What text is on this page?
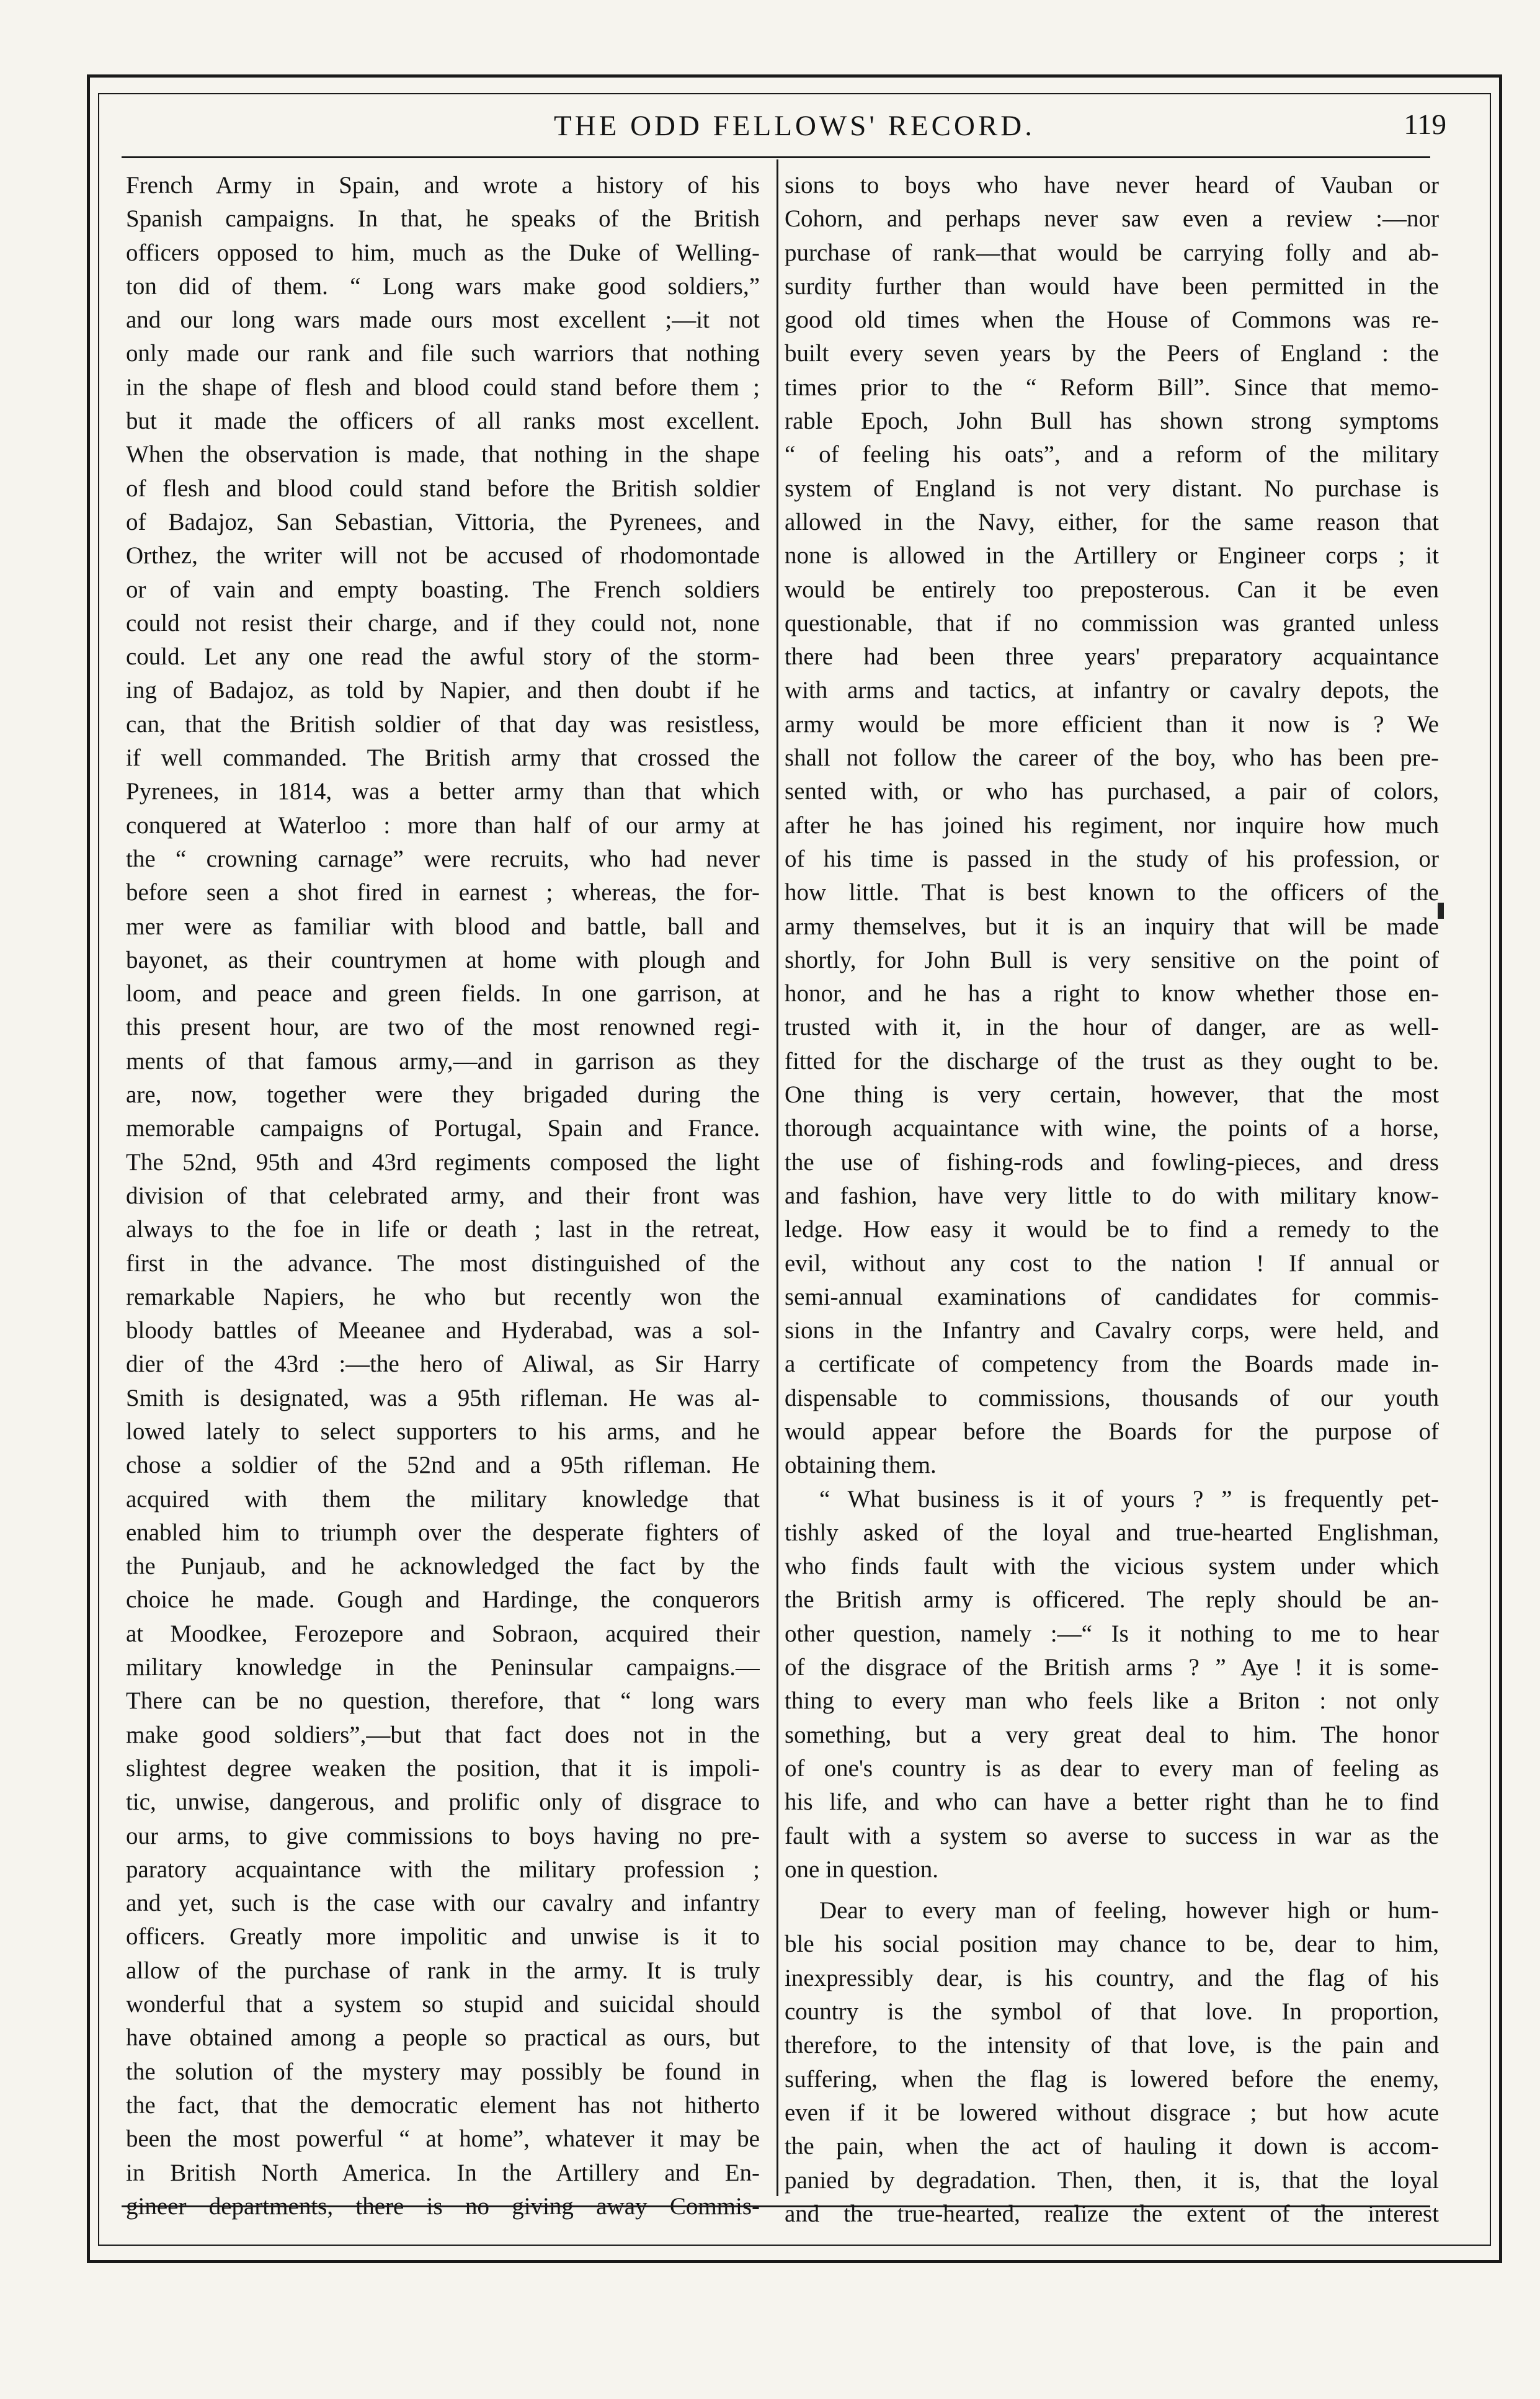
THE ODD FELLOWS' RECORD.	119
French Army in Spain, and wrote a history of his
Spanish campaigns. In that, he speaks of the British
officers opposed to him, much as the Duke of Welling-
ton did of them. “ Long wars make good soldiers,”
and our long wars made ours most excellent ;—it not
only made our rank and file such warriors that nothing
in the shape of flesh and blood could stand before them ;
but it made the officers of all ranks most excellent.
When the observation is made, that nothing in the shape
of flesh and blood could stand before the British soldier
of Badajoz, San Sebastian, Vittoria, the Pyrenees, and
Orthez, the writer will not be accused of rhodomontade
or of vain and empty boasting. The French soldiers
could not resist their charge, and if they could not, none
could. Let any one read the awful story of the storm-
ing of Badajoz, as told by Napier, and then doubt if he
can, that the British soldier of that day was resistless,
if well commanded. The British army that crossed the
Pyrenees, in 1814, was a better army than that which
conquered at Waterloo : more than half of our army at
the “ crowning carnage” were recruits, who had never
before seen a shot fired in earnest ; whereas, the for-
mer were as familiar with blood and battle, ball and
bayonet, as their countrymen at home with plough and
loom, and peace and green fields. In one garrison, at
this present hour, are two of the most renowned regi-
ments of that famous army,—and in garrison as they
are, now, together were they brigaded during the
memorable campaigns of Portugal, Spain and France.
The 52nd, 95th and 43rd regiments composed the light
division of that celebrated army, and their front was
always to the foe in life or death ; last in the retreat,
first in the advance. The most distinguished of the
remarkable Napiers, he who but recently won the
bloody battles of Meeanee and Hyderabad, was a sol-
dier of the 43rd :—the hero of Aliwal, as Sir Harry
Smith is designated, was a 95th rifleman. He was al-
lowed lately to select supporters to his arms, and he
chose a soldier of the 52nd and a 95th rifleman. He
acquired with them the military knowledge that
enabled him to triumph over the desperate fighters of
the Punjaub, and he acknowledged the fact by the
choice he made. Gough and Hardinge, the conquerors
at Moodkee, Ferozepore and Sobraon, acquired their
military knowledge in the Peninsular campaigns.—
There can be no question, therefore, that “ long wars
make good soldiers”,—but that fact does not in the
slightest degree weaken the position, that it is impoli-
tic, unwise, dangerous, and prolific only of disgrace to
our arms, to give commissions to boys having no pre-
paratory acquaintance with the military profession ;
and yet, such is the case with our cavalry and infantry
officers. Greatly more impolitic and unwise is it to
allow of the purchase of rank in the army. It is truly
wonderful that a system so stupid and suicidal should
have obtained among a people so practical as ours, but
the solution of the mystery may possibly be found in
the fact, that the democratic element has not hitherto
been the most powerful “ at home”, whatever it may be
in British North America. In the Artillery and En-
gineer departments, there is no giving away Commis-
sions to boys who have never heard of Vauban or
Cohorn, and perhaps never saw even a review :—nor
purchase of rank—that would be carrying folly and ab-
surdity further than would have been permitted in the
good old times when the House of Commons was re-
built every seven years by the Peers of England : the
times prior to the “ Reform Bill”. Since that memo-
rable Epoch, John Bull has shown strong symptoms
“ of feeling his oats”, and a reform of the military
system of England is not very distant. No purchase is
allowed in the Navy, either, for the same reason that
none is allowed in the Artillery or Engineer corps ; it
would be entirely too preposterous. Can it be even
questionable, that if no commission was granted unless
there had been three years' preparatory acquaintance
with arms and tactics, at infantry or cavalry depots, the
army would be more efficient than it now is ? We
shall not follow the career of the boy, who has been pre-
sented with, or who has purchased, a pair of colors,
after he has joined his regiment, nor inquire how much
of his time is passed in the study of his profession, or
how little. That is best known to the officers of the
army themselves, but it is an inquiry that will be made
shortly, for John Bull is very sensitive on the point of
honor, and he has a right to know whether those en-
trusted with it, in the hour of danger, are as well-
fitted for the discharge of the trust as they ought to be.
One thing is very certain, however, that the most
thorough acquaintance with wine, the points of a horse,
the use of fishing-rods and fowling-pieces, and dress
and fashion, have very little to do with military know-
ledge. How easy it would be to find a remedy to the
evil, without any cost to the nation ! If annual or
semi-annual examinations of candidates for commis-
sions in the Infantry and Cavalry corps, were held, and
a certificate of competency from the Boards made in-
dispensable to commissions, thousands of our youth
would appear before the Boards for the purpose of
obtaining them.
“ What business is it of yours ? ” is frequently pet-
tishly asked of the loyal and true-hearted Englishman,
who finds fault with the vicious system under which
the British army is officered. The reply should be an-
other question, namely :—“ Is it nothing to me to hear
of the disgrace of the British arms ? ” Aye ! it is some-
thing to every man who feels like a Briton : not only
something, but a very great deal to him. The honor
of one's country is as dear to every man of feeling as
his life, and who can have a better right than he to find
fault with a system so averse to success in war as the
one in question.
Dear to every man of feeling, however high or hum-
ble his social position may chance to be, dear to him,
inexpressibly dear, is his country, and the flag of his
country is the symbol of that love. In proportion,
therefore, to the intensity of that love, is the pain and
suffering, when the flag is lowered before the enemy,
even if it be lowered without disgrace ; but how acute
the pain, when the act of hauling it down is accom-
panied by degradation. Then, then, it is, that the loyal
and the true-hearted, realize the extent of the interest
